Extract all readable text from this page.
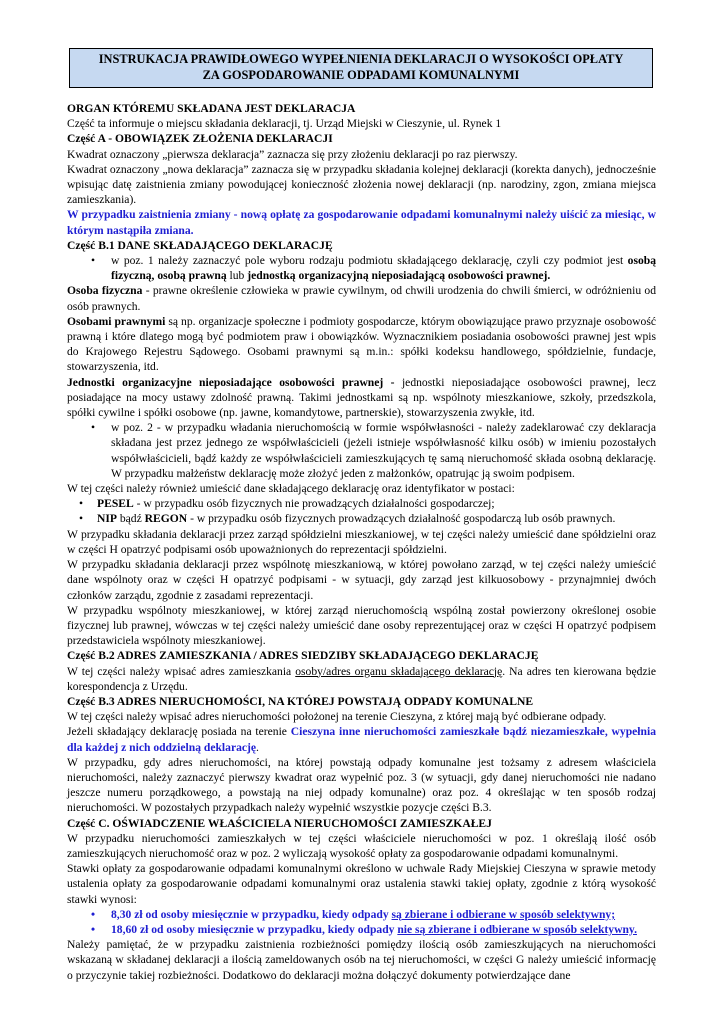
INSTRUKACJA PRAWIDŁOWEGO WYPEŁNIENIA DEKLARACJI O WYSOKOŚCI OPŁATY
ZA GOSPODAROWANIE ODPADAMI KOMUNALNYMI

ORGAN KTÓREMU SKŁADANA JEST DEKLARACJA

Część ta informuje o miejscu składania deklaracji, tj. Urząd Miejski w Cieszynie, ul. Rynek 1

Część A - OBOWIĄZEK ZŁOŻENIA DEKLARACJI

Kwadrat oznaczony „pierwsza deklaracja” zaznacza się przy złożeniu deklaracji po raz pierwszy.

Kwadrat oznaczony „nowa deklaracja” zaznacza się w przypadku składania kolejnej deklaracji (korekta danych), jednocześnie wpisując datę zaistnienia zmiany powodującej konieczność złożenia nowej deklaracji (np. narodziny, zgon, zmiana miejsca zamieszkania).

W przypadku zaistnienia zmiany - nową opłatę za gospodarowanie odpadami komunalnymi należy uiścić za miesiąc, w którym nastąpiła zmiana.

Część B.1 DANE SKŁADAJĄCEGO DEKLARACJĘ

• w poz. 1 należy zaznaczyć pole wyboru rodzaju podmiotu składającego deklarację, czyli czy podmiot jest osobą fizyczną, osobą prawną lub jednostką organizacyjną nieposiadającą osobowości prawnej.

Osoba fizyczna - prawne określenie człowieka w prawie cywilnym, od chwili urodzenia do chwili śmierci, w odróżnieniu od osób prawnych.

Osobami prawnymi są np. organizacje społeczne i podmioty gospodarcze, którym obowiązujące prawo przyznaje osobowość prawną i które dlatego mogą być podmiotem praw i obowiązków. Wyznacznikiem posiadania osobowości prawnej jest wpis do Krajowego Rejestru Sądowego. Osobami prawnymi są m.in.: spółki kodeksu handlowego, spółdzielnie, fundacje, stowarzyszenia, itd.

Jednostki organizacyjne nieposiadające osobowości prawnej - jednostki nieposiadające osobowości prawnej, lecz posiadające na mocy ustawy zdolność prawną. Takimi jednostkami są np. wspólnoty mieszkaniowe, szkoły, przedszkola, spółki cywilne i spółki osobowe (np. jawne, komandytowe, partnerskie), stowarzyszenia zwykłe, itd.

• w poz. 2 - w przypadku władania nieruchomością w formie współwłasności - należy zadeklarować czy deklaracja składana jest przez jednego ze współwłaścicieli (jeżeli istnieje współwłasność kilku osób) w imieniu pozostałych współwłaścicieli, bądź każdy ze współwłaścicieli zamieszkujących tę samą nieruchomość składa osobną deklarację. W przypadku małżeństw deklarację może złożyć jeden z małżonków, opatrując ją swoim podpisem.

W tej części należy również umieścić dane składającego deklarację oraz identyfikator w postaci:

• PESEL - w przypadku osób fizycznych nie prowadzących działalności gospodarczej;

• NIP bądź REGON - w przypadku osób fizycznych prowadzących działalność gospodarczą lub osób prawnych.

W przypadku składania deklaracji przez zarząd spółdzielni mieszkaniowej, w tej części należy umieścić dane spółdzielni oraz w części H opatrzyć podpisami osób upoważnionych do reprezentacji spółdzielni.

W przypadku składania deklaracji przez wspólnotę mieszkaniową, w której powołano zarząd, w tej części należy umieścić dane wspólnoty oraz w części H opatrzyć podpisami - w sytuacji, gdy zarząd jest kilkuosobowy - przynajmniej dwóch członków zarządu, zgodnie z zasadami reprezentacji.

W przypadku wspólnoty mieszkaniowej, w której zarząd nieruchomością wspólną został powierzony określonej osobie fizycznej lub prawnej, wówczas w tej części należy umieścić dane osoby reprezentującej oraz w części H opatrzyć podpisem przedstawiciela wspólnoty mieszkaniowej.

Część B.2 ADRES ZAMIESZKANIA / ADRES SIEDZIBY SKŁADAJĄCEGO DEKLARACJĘ

W tej części należy wpisać adres zamieszkania osoby/adres organu składającego deklarację. Na adres ten kierowana będzie korespondencja z Urzędu.

Część B.3 ADRES NIERUCHOMOŚCI, NA KTÓREJ POWSTAJĄ ODPADY KOMUNALNE

W tej części należy wpisać adres nieruchomości położonej na terenie Cieszyna, z której mają być odbierane odpady.

Jeżeli składający deklarację posiada na terenie Cieszyna inne nieruchomości zamieszkałe bądź niezamieszkałe, wypełnia dla każdej z nich oddzielną deklarację.

W przypadku, gdy adres nieruchomości, na której powstają odpady komunalne jest tożsamy z adresem właściciela nieruchomości, należy zaznaczyć pierwszy kwadrat oraz wypełnić poz. 3 (w sytuacji, gdy danej nieruchomości nie nadano jeszcze numeru porządkowego, a powstają na niej odpady komunalne) oraz poz. 4 określając w ten sposób rodzaj nieruchomości. W pozostałych przypadkach należy wypełnić wszystkie pozycje części B.3.

Część C. OŚWIADCZENIE WŁAŚCICIELA NIERUCHOMOŚCI ZAMIESZKAŁEJ

W przypadku nieruchomości zamieszkałych w tej części właściciele nieruchomości w poz. 1 określają ilość osób zamieszkujących nieruchomość oraz w poz. 2 wyliczają wysokość opłaty za gospodarowanie odpadami komunalnymi.

Stawki opłaty za gospodarowanie odpadami komunalnymi określono w uchwale Rady Miejskiej Cieszyna w sprawie metody ustalenia opłaty za gospodarowanie odpadami komunalnymi oraz ustalenia stawki takiej opłaty, zgodnie z którą wysokość stawki wynosi:

• 8,30 zł od osoby miesięcznie w przypadku, kiedy odpady są zbierane i odbierane w sposób selektywny;

• 18,60 zł od osoby miesięcznie w przypadku, kiedy odpady nie są zbierane i odbierane w sposób selektywny.

Należy pamiętać, że w przypadku zaistnienia rozbieżności pomiędzy ilością osób zamieszkujących na nieruchomości wskazaną w składanej deklaracji a ilością zameldowanych osób na tej nieruchomości, w części G należy umieścić informację o przyczynie takiej rozbieżności. Dodatkowo do deklaracji można dołączyć dokumenty potwierdzające dane
